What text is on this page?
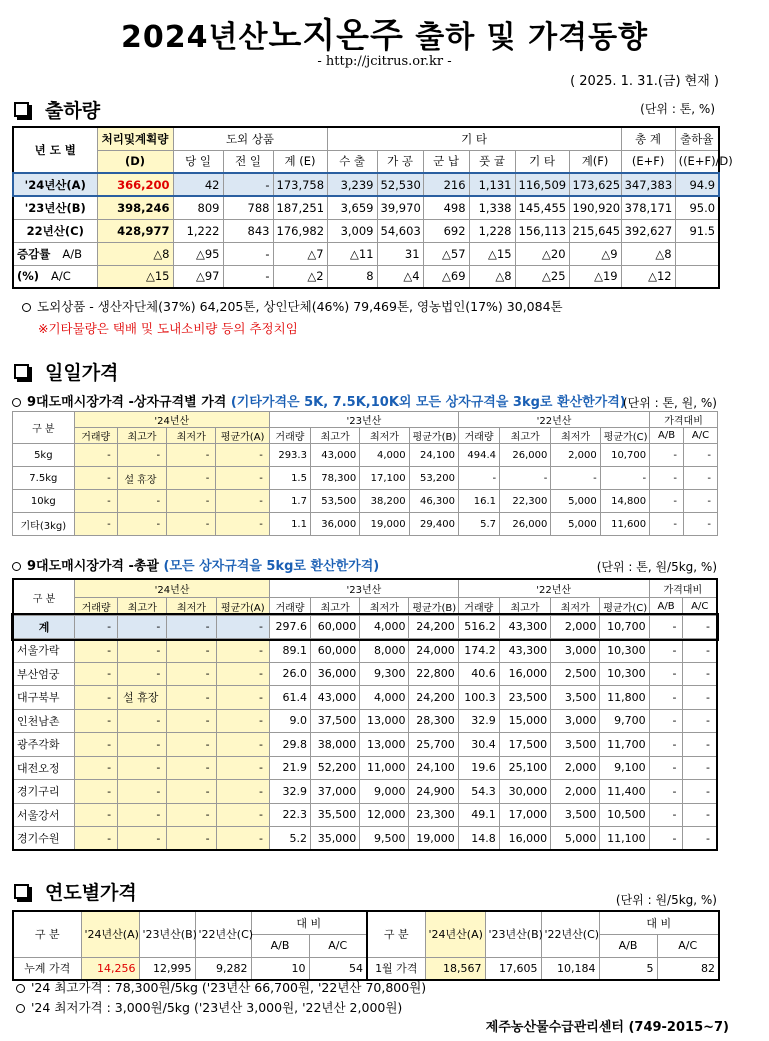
2024년산노지온주 출하 및 가격동향
- http://jcitrus.or.kr -
( 2025. 1. 31.(금) 현재 )
출하량	(단위 : 톤, %)
년 도 별	처리및계획량	도외 상품			기 타						총 계	출하율
	(D)	당 일	전 일	계 (E)	수 출	가 공	군 납	풋 귤	기 타	계(F)	(E+F)	((E+F)/D)
'24년산(A)	366,200	42	-	173,758	3,239	52,530	216	1,131	116,509	173,625	347,383	94.9
'23년산(B)	398,246	809	788	187,251	3,659	39,970	498	1,338	145,455	190,920	378,171	95.0
22년산(C)	428,977	1,222	843	176,982	3,009	54,603	692	1,228	156,113	215,645	392,627	91.5
증감률 A/B	△8	△95	-	△7	△11	31	△57	△15	△20	△9	△8	
(%) A/C	△15	△97	-	△2	8	△4	△69	△8	△25	△19	△12	
도외상품 - 생산자단체(37%) 64,205톤, 상인단체(46%) 79,469톤, 영농법인(17%) 30,084톤
※기타물량은 택배 및 도내소비량 등의 추정치임
일일가격
9대도매시장가격 -상자규격별 가격 (기타가격은 5K, 7.5K,10K외 모든 상자규격을 3kg로 환산한가격)
(단위 : 톤, 원, %)
구 분	'24년산				'23년산				'22년산				가격대비	
	거래량	최고가	최저가	평균가(A)	거래량	최고가	최저가	평균가(B)	거래량	최고가	최저가	평균가(C)	A/B	A/C
5kg	-	-	-	-	293.3	43,000	4,000	24,100	494.4	26,000	2,000	10,700	-	-
7.5kg	-	설 휴장	-	-	1.5	78,300	17,100	53,200	-	-	-	-	-	-
10kg	-	-	-	-	1.7	53,500	38,200	46,300	16.1	22,300	5,000	14,800	-	-
기타(3kg)	-	-	-	-	1.1	36,000	19,000	29,400	5.7	26,000	5,000	11,600	-	-
9대도매시장가격 -총괄 (모든 상자규격을 5kg로 환산한가격)	(단위 : 톤, 원/5kg, %)
구 분	'24년산				'23년산				'22년산				가격대비	
	거래량	최고가	최저가	평균가(A)	거래량	최고가	최저가	평균가(B)	거래량	최고가	최저가	평균가(C)	A/B	A/C
계	-	-	-	-	297.6	60,000	4,000	24,200	516.2	43,300	2,000	10,700	-	-
서울가락	-	-	-	-	89.1	60,000	8,000	24,000	174.2	43,300	3,000	10,300	-	-
부산엄궁	-	-	-	-	26.0	36,000	9,300	22,800	40.6	16,000	2,500	10,300	-	-
대구북부	-	설 휴장	-	-	61.4	43,000	4,000	24,200	100.3	23,500	3,500	11,800	-	-
인천남촌	-	-	-	-	9.0	37,500	13,000	28,300	32.9	15,000	3,000	9,700	-	-
광주각화	-	-	-	-	29.8	38,000	13,000	25,700	30.4	17,500	3,500	11,700	-	-
대전오정	-	-	-	-	21.9	52,200	11,000	24,100	19.6	25,100	2,000	9,100	-	-
경기구리	-	-	-	-	32.9	37,000	9,000	24,900	54.3	30,000	2,000	11,400	-	-
서울강서	-	-	-	-	22.3	35,500	12,000	23,300	49.1	17,000	3,500	10,500	-	-
경기수원	-	-	-	-	5.2	35,000	9,500	19,000	14.8	16,000	5,000	11,100	-	-
연도별가격	(단위 : 원/5kg, %)
구 분	'24년산(A)	'23년산(B)	'22년산(C)	대 비		구 분	'24년산(A)	'23년산(B)	'22년산(C)	대 비	
				A/B	A/C					A/B	A/C
누계 가격	14,256	12,995	9,282	10	54	1월 가격	18,567	17,605	10,184	5	82
'24 최고가격 : 78,300원/5kg ('23년산 66,700원, '22년산 70,800원)
'24 최저가격 : 3,000원/5kg ('23년산 3,000원, '22년산 2,000원)
제주농산물수급관리센터 (749-2015~7)
